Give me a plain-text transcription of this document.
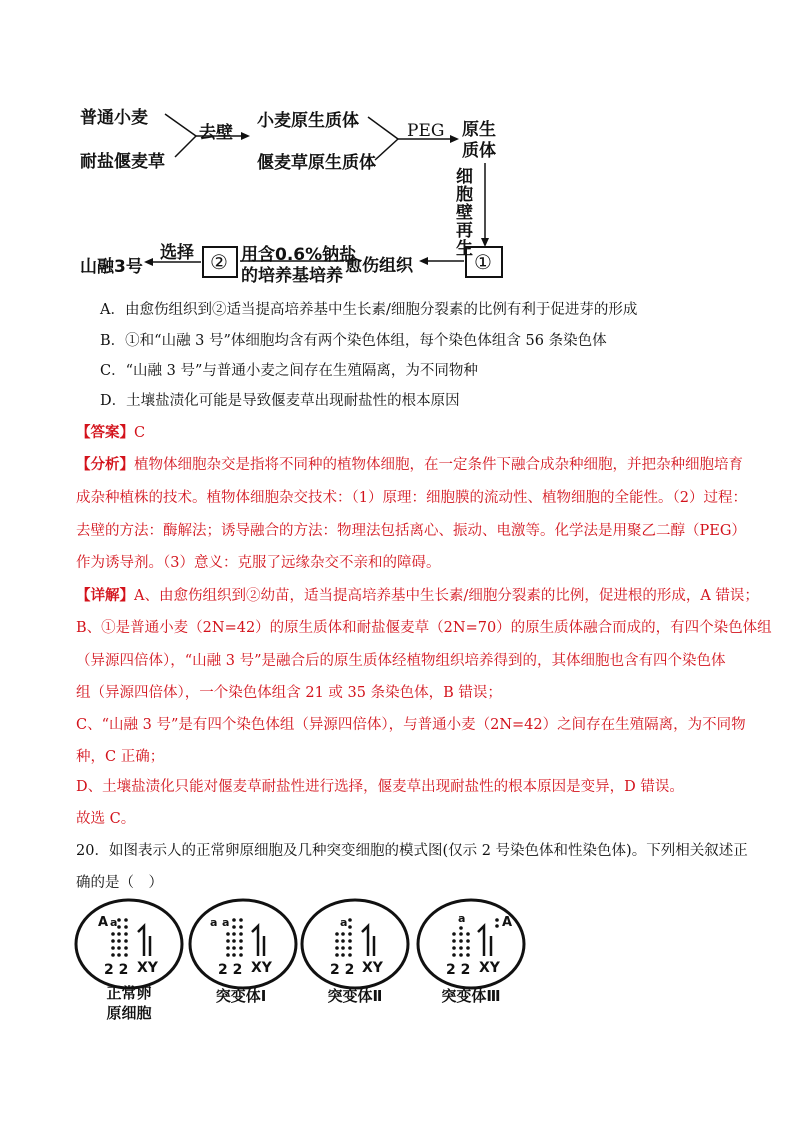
普通小麦
耐盐偃麦草
去壁
小麦原生质体
偃麦草原生质体
PEG 原生
质体
细
胞
壁
再
生
①
愈伤组织
用含0.6%钠盐
的培养基培养
②
选择
山融3号
A．由愈伤组织到②适当提高培养基中生长素/细胞分裂素的比例有利于促进芽的形成
B．①和“山融 3 号”体细胞均含有两个染色体组，每个染色体组含 56 条染色体
C．“山融 3 号”与普通小麦之间存在生殖隔离，为不同物种
D．土壤盐渍化可能是导致偃麦草出现耐盐性的根本原因
【答案】C
【分析】植物体细胞杂交是指将不同种的植物体细胞，在一定条件下融合成杂种细胞，并把杂种细胞培育
成杂种植株的技术。植物体细胞杂交技术：（1）原理：细胞膜的流动性、植物细胞的全能性。（2）过程：
去壁的方法：酶解法；诱导融合的方法：物理法包括离心、振动、电激等。化学法是用聚乙二醇（PEG）
作为诱导剂。（3）意义：克服了远缘杂交不亲和的障碍。
【详解】A、由愈伤组织到②幼苗，适当提高培养基中生长素/细胞分裂素的比例，促进根的形成，A 错误；
B、①是普通小麦（2N=42）的原生质体和耐盐偃麦草（2N=70）的原生质体融合而成的，有四个染色体组
（异源四倍体），“山融 3 号”是融合后的原生质体经植物组织培养得到的，其体细胞也含有四个染色体
组（异源四倍体），一个染色体组含 21 或 35 条染色体，B 错误；
C、“山融 3 号”是有四个染色体组（异源四倍体），与普通小麦（2N=42）之间存在生殖隔离，为不同物
种，C 正确；
D、土壤盐渍化只能对偃麦草耐盐性进行选择，偃麦草出现耐盐性的根本原因是变异，D 错误。
故选 C。
20．如图表示人的正常卵原细胞及几种突变细胞的模式图(仅示 2 号染色体和性染色体)。下列相关叙述正
确的是（　）
A a
2 2 XY
a a
2 2 XY
a
2 2 XY
a	A
2 2 XY
正常卵
原细胞
突变体Ⅰ	突变体Ⅱ	突变体Ⅲ
